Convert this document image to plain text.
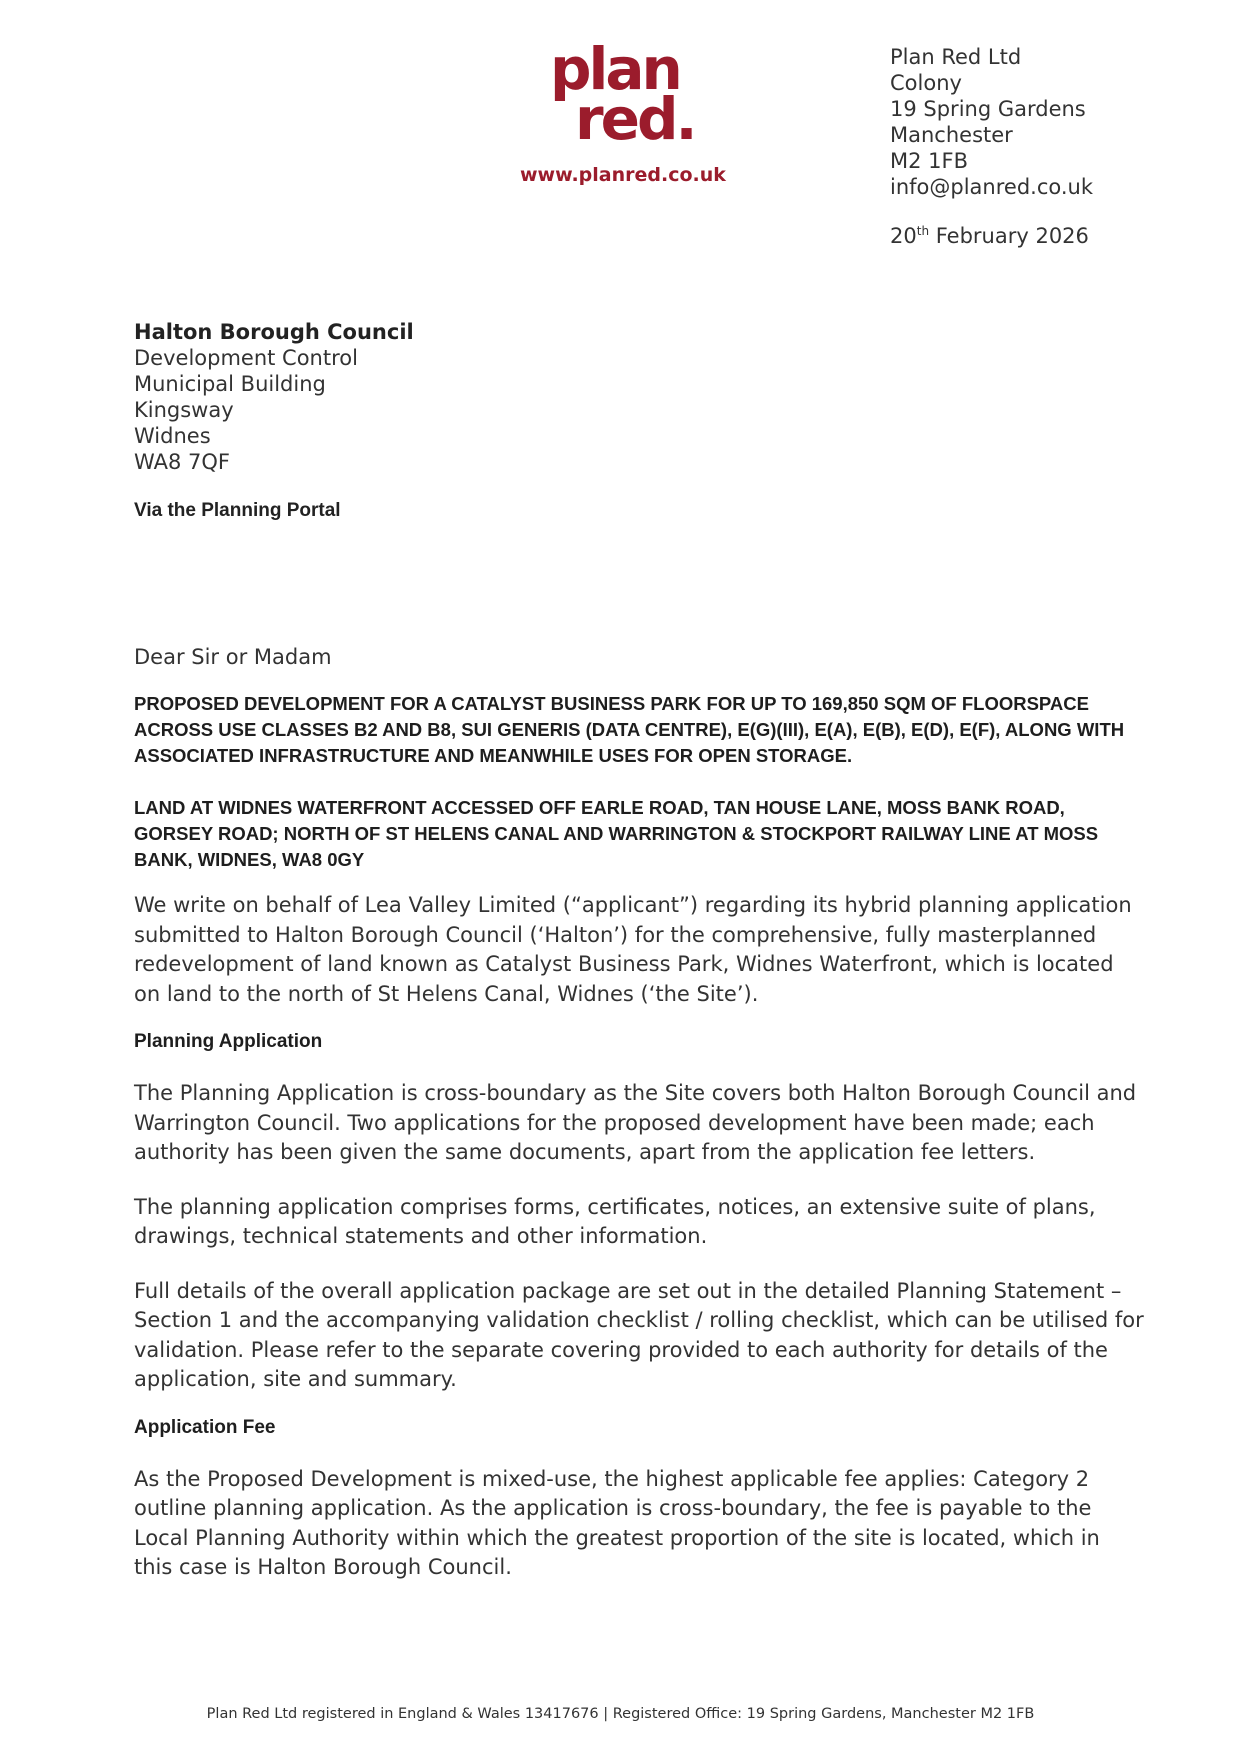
plan
red.
www.planred.co.uk
Plan Red Ltd
Colony
19 Spring Gardens
Manchester
M2 1FB
info@planred.co.uk
20th February 2026
Halton Borough Council
Development Control
Municipal Building
Kingsway
Widnes
WA8 7QF
Via the Planning Portal

Dear Sir or Madam

PROPOSED DEVELOPMENT FOR A CATALYST BUSINESS PARK FOR UP TO 169,850 SQM OF FLOORSPACE ACROSS USE CLASSES B2 AND B8, SUI GENERIS (DATA CENTRE), E(G)(III), E(A), E(B), E(D), E(F), ALONG WITH ASSOCIATED INFRASTRUCTURE AND MEANWHILE USES FOR OPEN STORAGE.

LAND AT WIDNES WATERFRONT ACCESSED OFF EARLE ROAD, TAN HOUSE LANE, MOSS BANK ROAD, GORSEY ROAD; NORTH OF ST HELENS CANAL AND WARRINGTON & STOCKPORT RAILWAY LINE AT MOSS BANK, WIDNES, WA8 0GY

We write on behalf of Lea Valley Limited (“applicant”) regarding its hybrid planning application submitted to Halton Borough Council (‘Halton’) for the comprehensive, fully masterplanned redevelopment of land known as Catalyst Business Park, Widnes Waterfront, which is located on land to the north of St Helens Canal, Widnes (‘the Site’).

Planning Application

The Planning Application is cross-boundary as the Site covers both Halton Borough Council and Warrington Council. Two applications for the proposed development have been made; each authority has been given the same documents, apart from the application fee letters.

The planning application comprises forms, certificates, notices, an extensive suite of plans, drawings, technical statements and other information.

Full details of the overall application package are set out in the detailed Planning Statement – Section 1 and the accompanying validation checklist / rolling checklist, which can be utilised for validation. Please refer to the separate covering provided to each authority for details of the application, site and summary.

Application Fee

As the Proposed Development is mixed-use, the highest applicable fee applies: Category 2 outline planning application. As the application is cross-boundary, the fee is payable to the Local Planning Authority within which the greatest proportion of the site is located, which in this case is Halton Borough Council.

Plan Red Ltd registered in England & Wales 13417676 | Registered Office: 19 Spring Gardens, Manchester M2 1FB
